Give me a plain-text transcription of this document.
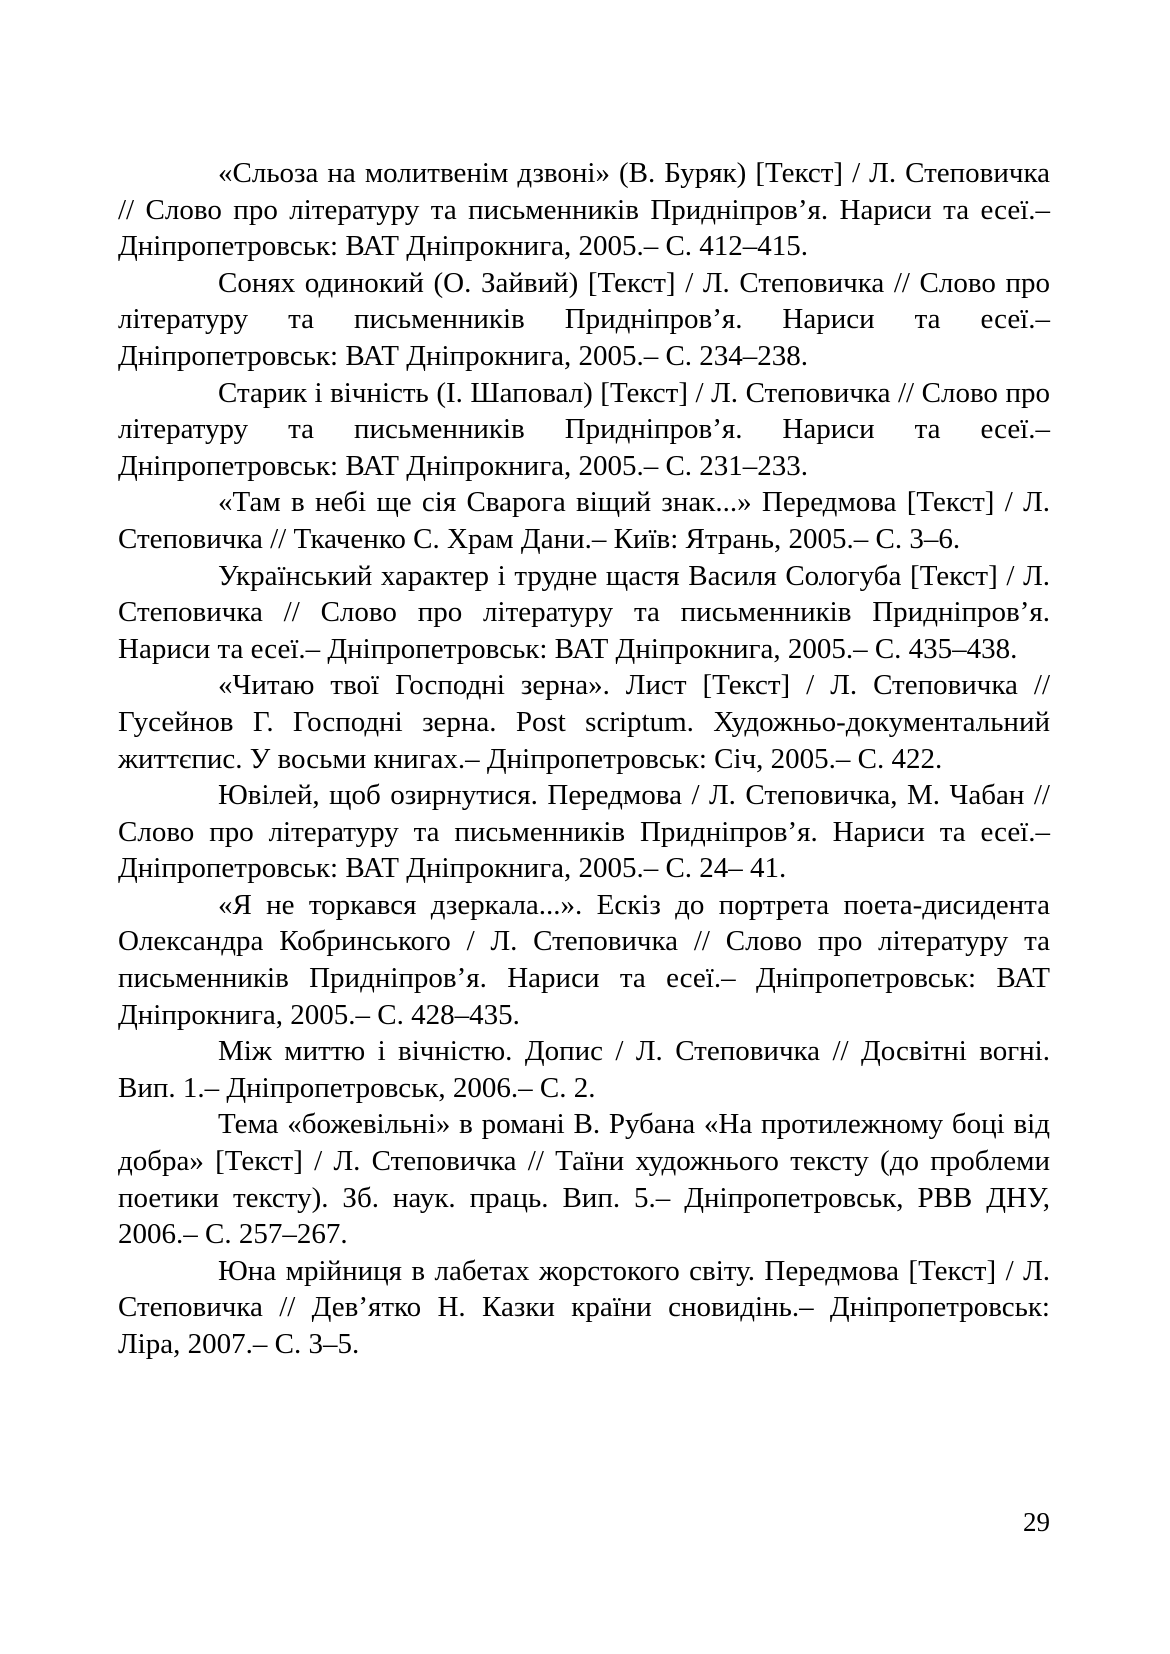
«Сльоза на молитвенім дзвоні» (В. Буряк) [Текст] / Л. Степовичка // Слово про літературу та письменників Придніпров’я. Нариси та есеї.– Дніпропетровськ: ВАТ Дніпрокнига, 2005.– С. 412–415.

Сонях одинокий (О. Зайвий) [Текст] / Л. Степовичка // Слово про літературу та письменників Придніпров’я. Нариси та есеї.– Дніпропетровськ: ВАТ Дніпрокнига, 2005.– С. 234–238.

Старик і вічність (І. Шаповал) [Текст] / Л. Степовичка // Слово про літературу та письменників Придніпров’я. Нариси та есеї.– Дніпропетровськ: ВАТ Дніпрокнига, 2005.– С. 231–233.

«Там в небі ще сія Сварога віщий знак...» Передмова [Текст] / Л. Степовичка // Ткаченко С. Храм Дани.– Київ: Ятрань, 2005.– С. 3–6.

Український характер і трудне щастя Василя Сологуба [Текст] / Л. Степовичка // Слово про літературу та письменників Придніпров’я. Нариси та есеї.– Дніпропетровськ: ВАТ Дніпрокнига, 2005.– С. 435–438.

«Читаю твої Господні зерна». Лист [Текст] / Л. Степовичка // Гусейнов Г. Господні зерна. Post scriptum. Художньо-документальний життєпис. У восьми книгах.– Дніпропетровськ: Січ, 2005.– С. 422.

Ювілей, щоб озирнутися. Передмова / Л. Степовичка, М. Чабан // Слово про літературу та письменників Придніпров’я. Нариси та есеї.– Дніпропетровськ: ВАТ Дніпрокнига, 2005.– С. 24– 41.

«Я не торкався дзеркала...». Ескіз до портрета поета-дисидента Олександра Кобринського / Л. Степовичка // Слово про літературу та письменників Придніпров’я. Нариси та есеї.– Дніпропетровськ: ВАТ Дніпрокнига, 2005.– С. 428–435.

Між миттю і вічністю. Допис / Л. Степовичка // Досвітні вогні. Вип. 1.– Дніпропетровськ, 2006.– С. 2.

Тема «божевільні» в романі В. Рубана «На протилежному боці від добра» [Текст] / Л. Степовичка // Таїни художнього тексту (до проблеми поетики тексту). Зб. наук. праць. Вип. 5.– Дніпропетровськ, РВВ ДНУ, 2006.– С. 257–267.

Юна мрійниця в лабетах жорстокого світу. Передмова [Текст] / Л. Степовичка // Дев’ятко Н. Казки країни сновидінь.– Дніпропетровськ: Ліра, 2007.– С. 3–5.

29
